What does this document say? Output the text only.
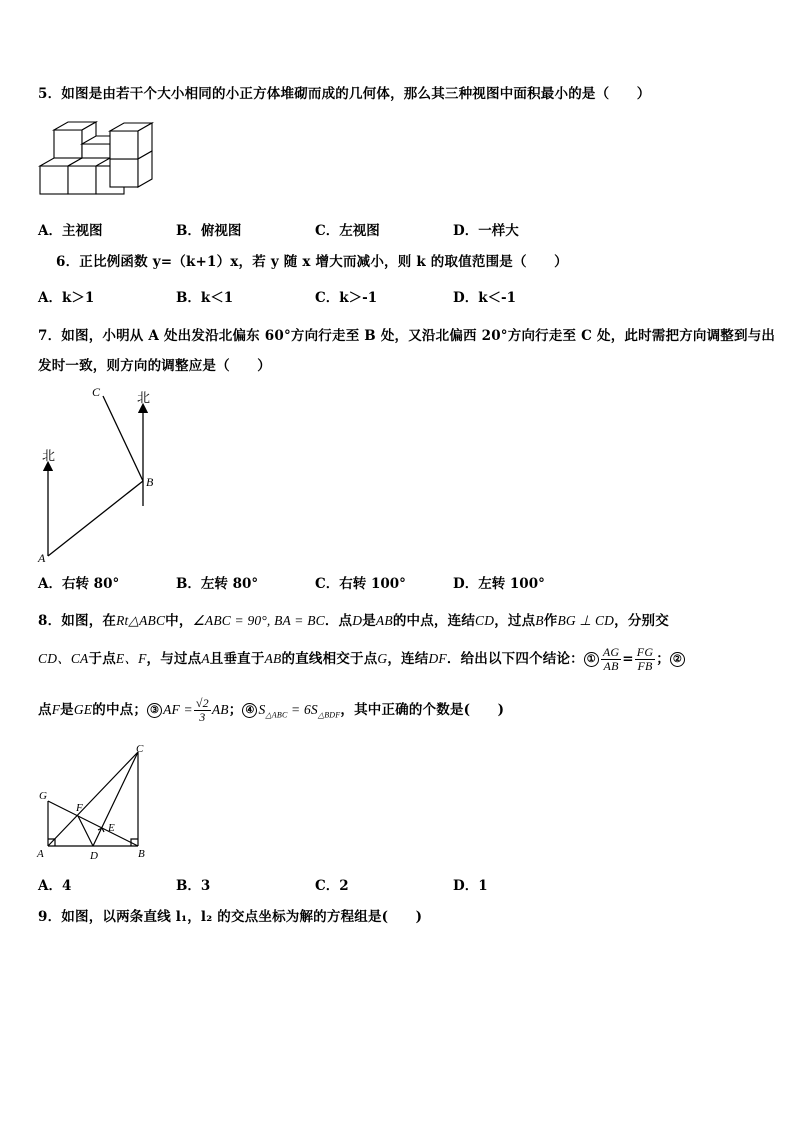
5．如图是由若干个大小相同的小正方体堆砌而成的几何体，那么其三种视图中面积最小的是（　　）
A．主视图	B．俯视图	C．左视图	D．一样大
6．正比例函数 y=（k+1）x，若 y 随 x 增大而减小，则 k 的取值范围是（　　）
A．k＞1	B．k＜1	C．k＞-1	D．k＜-1
7．如图，小明从 A 处出发沿北偏东 60°方向行走至 B 处，又沿北偏西 20°方向行走至 C 处，此时需把方向调整到与出
发时一致，则方向的调整应是（　　）
北
北
A
B
C
A．右转 80°	B．左转 80°	C．右转 100°	D．左转 100°
8．如图，在Rt△ABC中，∠ABC = 90°, BA = BC．点D是AB的中点，连结CD，过点B作BG ⊥ CD，分别交
CD、CA于点E、F，与过点A且垂直于AB的直线相交于点G，连结DF．给出以下四个结论： ① $\frac{AG}{AB} = \frac{FG}{FB}$ ； ②
点F是GE的中点； ③ AF = $\frac{√2}{3}$ AB； ④ $S_{\triangle ABC} = 6S_{\triangle BDF}$，其中正确的个数是(　　)
G
F
E
A	D	B
C
A．4	B．3	C．2	D．1
9．如图，以两条直线 l₁，l₂ 的交点坐标为解的方程组是(　　)
